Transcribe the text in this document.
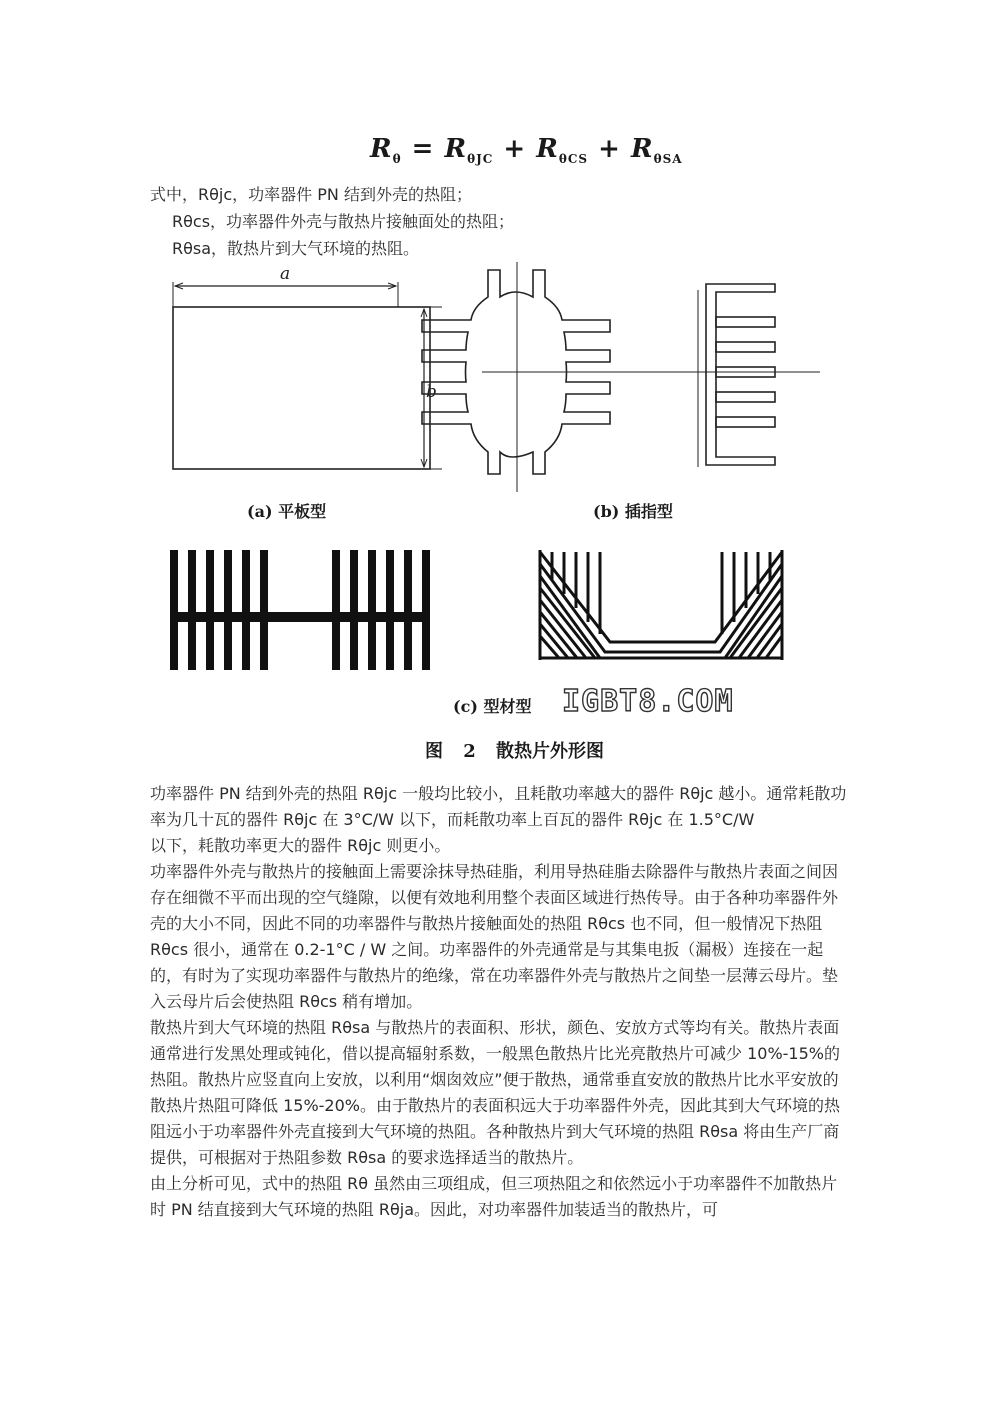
$R_\theta = R_{\theta JC} + R_{\theta CS} + R_{\theta SA}$
式中，Rθjc，功率器件 PN 结到外壳的热阻；
Rθcs，功率器件外壳与散热片接触面处的热阻；
Rθsa，散热片到大气环境的热阻。
a
b
(a) 平板型	(b) 插指型
(c) 型材型 IGBT8.COM
图 2 散热片外形图

功率器件 PN 结到外壳的热阻 Rθjc 一般均比较小，且耗散功率越大的器件 Rθjc 越小。通常耗散功率为几十瓦的器件 Rθjc 在 3°C/W 以下，而耗散功率上百瓦的器件 Rθjc 在 1.5°C/W

以下，耗散功率更大的器件 Rθjc 则更小。

功率器件外壳与散热片的接触面上需要涂抹导热硅脂，利用导热硅脂去除器件与散热片表面之间因存在细微不平而出现的空气缝隙，以便有效地利用整个表面区域进行热传导。由于各种功率器件外壳的大小不同，因此不同的功率器件与散热片接触面处的热阻 Rθcs 也不同，但一般情况下热阻 Rθcs 很小，通常在 0.2-1°C / W 之间。功率器件的外壳通常是与其集电扳（漏极）连接在一起的，有时为了实现功率器件与散热片的绝缘，常在功率器件外壳与散热片之间垫一层薄云母片。垫入云母片后会使热阻 Rθcs 稍有增加。

散热片到大气环境的热阻 Rθsa 与散热片的表面积、形状，颜色、安放方式等均有关。散热片表面通常进行发黑处理或钝化，借以提高辐射系数，一般黑色散热片比光亮散热片可减少 10%-15%的热阻。散热片应竖直向上安放，以利用“烟囱效应”便于散热，通常垂直安放的散热片比水平安放的散热片热阻可降低 15%-20%。由于散热片的表面积远大于功率器件外壳，因此其到大气环境的热阻远小于功率器件外壳直接到大气环境的热阻。各种散热片到大气环境的热阻 Rθsa 将由生产厂商提供，可根据对于热阻参数 Rθsa 的要求选择适当的散热片。

由上分析可见，式中的热阻 Rθ 虽然由三项组成，但三项热阻之和依然远小于功率器件不加散热片时 PN 结直接到大气环境的热阻 Rθja。因此，对功率器件加装适当的散热片，可
